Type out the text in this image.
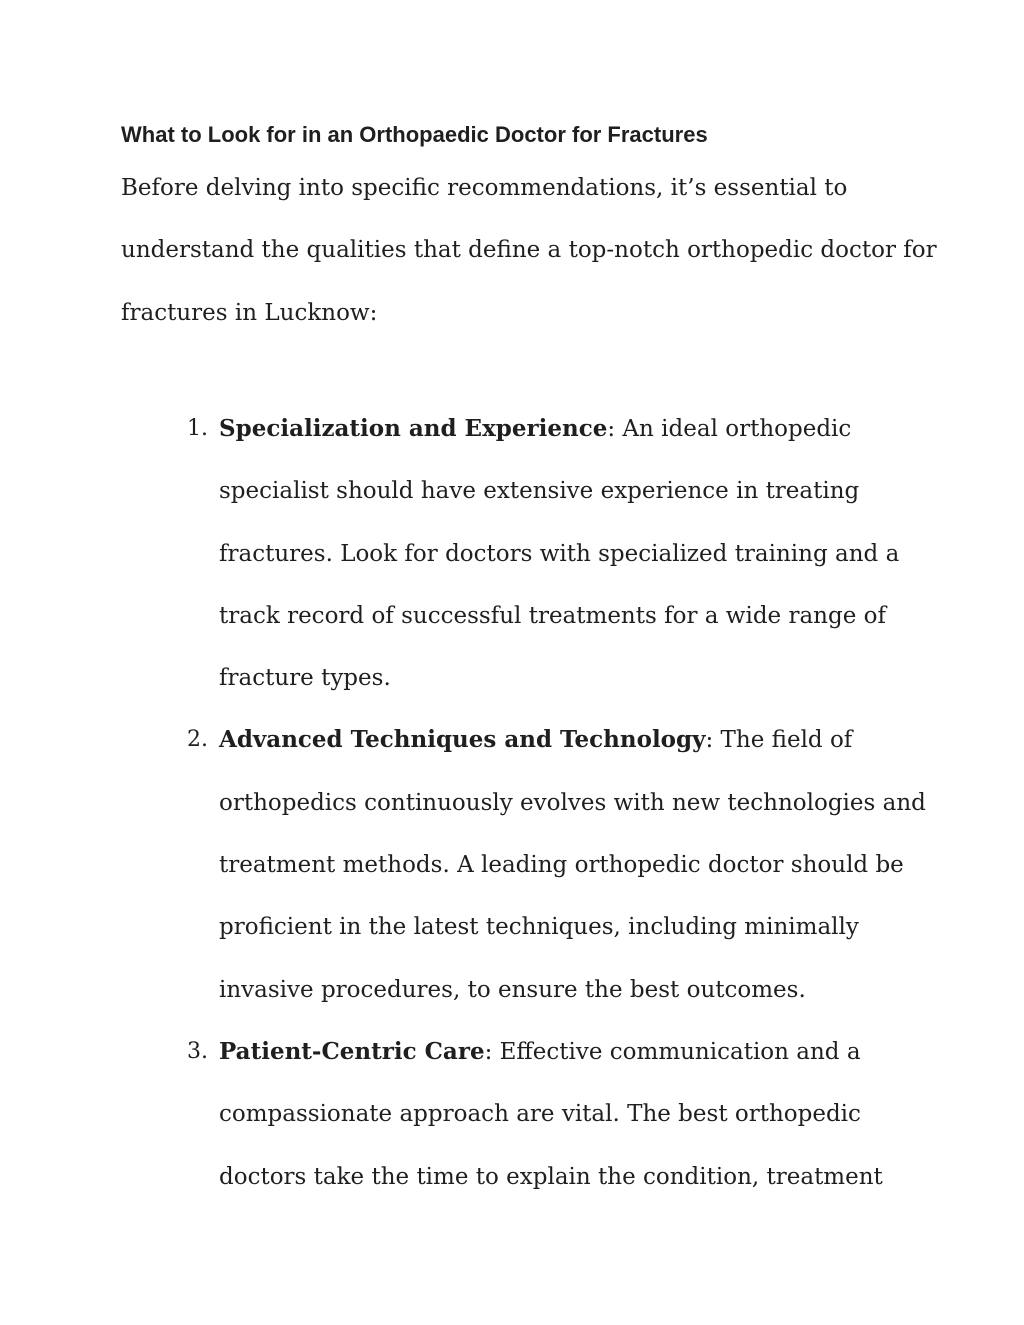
What to Look for in an Orthopaedic Doctor for Fractures

Before delving into specific recommendations, it’s essential to
understand the qualities that define a top-notch orthopedic doctor for
fractures in Lucknow:

1. Specialization and Experience: An ideal orthopedic
specialist should have extensive experience in treating
fractures. Look for doctors with specialized training and a
track record of successful treatments for a wide range of
fracture types.
2. Advanced Techniques and Technology: The field of
orthopedics continuously evolves with new technologies and
treatment methods. A leading orthopedic doctor should be
proficient in the latest techniques, including minimally
invasive procedures, to ensure the best outcomes.
3. Patient-Centric Care: Effective communication and a
compassionate approach are vital. The best orthopedic
doctors take the time to explain the condition, treatment
